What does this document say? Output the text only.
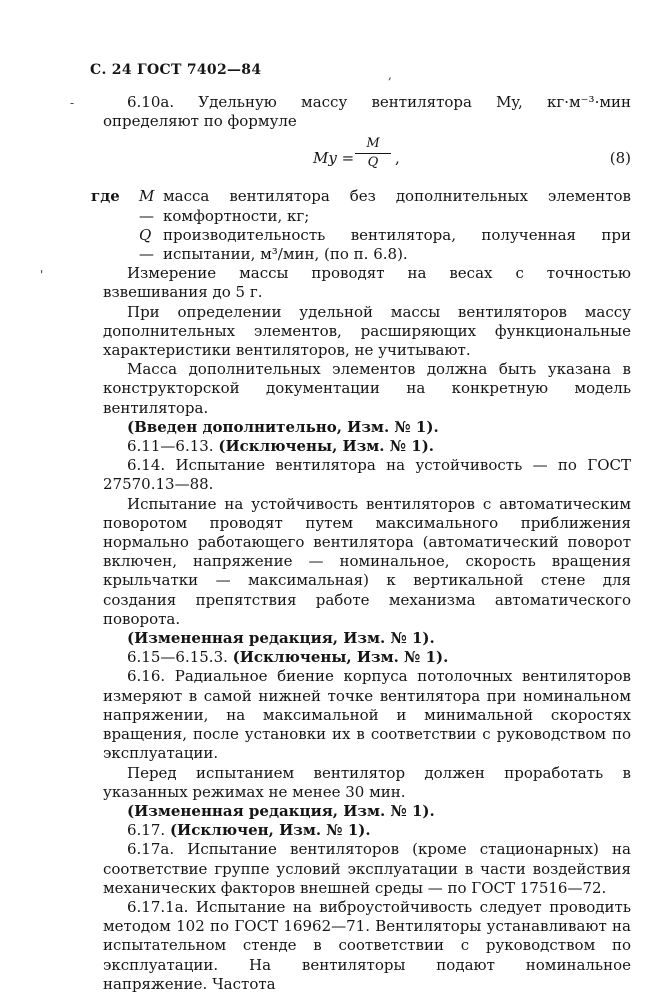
С. 24 ГОСТ 7402—84

6.10а. Удельную массу вентилятора My, кг·м⁻³·мин определяют по формуле

My =
M
Q	,	(8)
где	M —
масса вентилятора без дополнительных элементов комфортности, кг;
Q —
производительность вентилятора, полученная при испытании, м³/мин, (по п. 6.8).

Измерение массы проводят на весах с точностью взвешивания до 5 г.

При определении удельной массы вентиляторов массу дополнительных элементов, расширяющих функциональные характеристики вентиляторов, не учитывают.

Масса дополнительных элементов должна быть указана в конструкторской документации на конкретную модель вентилятора.

(Введен дополнительно, Изм. № 1).

6.11—6.13. (Исключены, Изм. № 1).

6.14. Испытание вентилятора на устойчивость — по ГОСТ 27570.13—88.

Испытание на устойчивость вентиляторов с автоматическим поворотом проводят путем максимального приближения нормально работающего вентилятора (автоматический поворот включен, напряжение — номинальное, скорость вращения крыльчатки — максимальная) к вертикальной стене для создания препятствия работе механизма автоматического поворота.

(Измененная редакция, Изм. № 1).

6.15—6.15.3. (Исключены, Изм. № 1).

6.16. Радиальное биение корпуса потолочных вентиляторов измеряют в самой нижней точке вентилятора при номинальном напряжении, на максимальной и минимальной скоростях вращения, после установки их в соответствии с руководством по эксплуатации.

Перед испытанием вентилятор должен проработать в указанных режимах не менее 30 мин.

(Измененная редакция, Изм. № 1).

6.17. (Исключен, Изм. № 1).

6.17а. Испытание вентиляторов (кроме стационарных) на соответствие группе условий эксплуатации в части воздействия механических факторов внешней среды — по ГОСТ 17516—72.

6.17.1а. Испытание на виброустойчивость следует проводить методом 102 по ГОСТ 16962—71. Вентиляторы устанавливают на испытательном стенде в соответствии с руководством по эксплуатации. На вентиляторы подают номинальное напряжение. Частота

-
'
,
